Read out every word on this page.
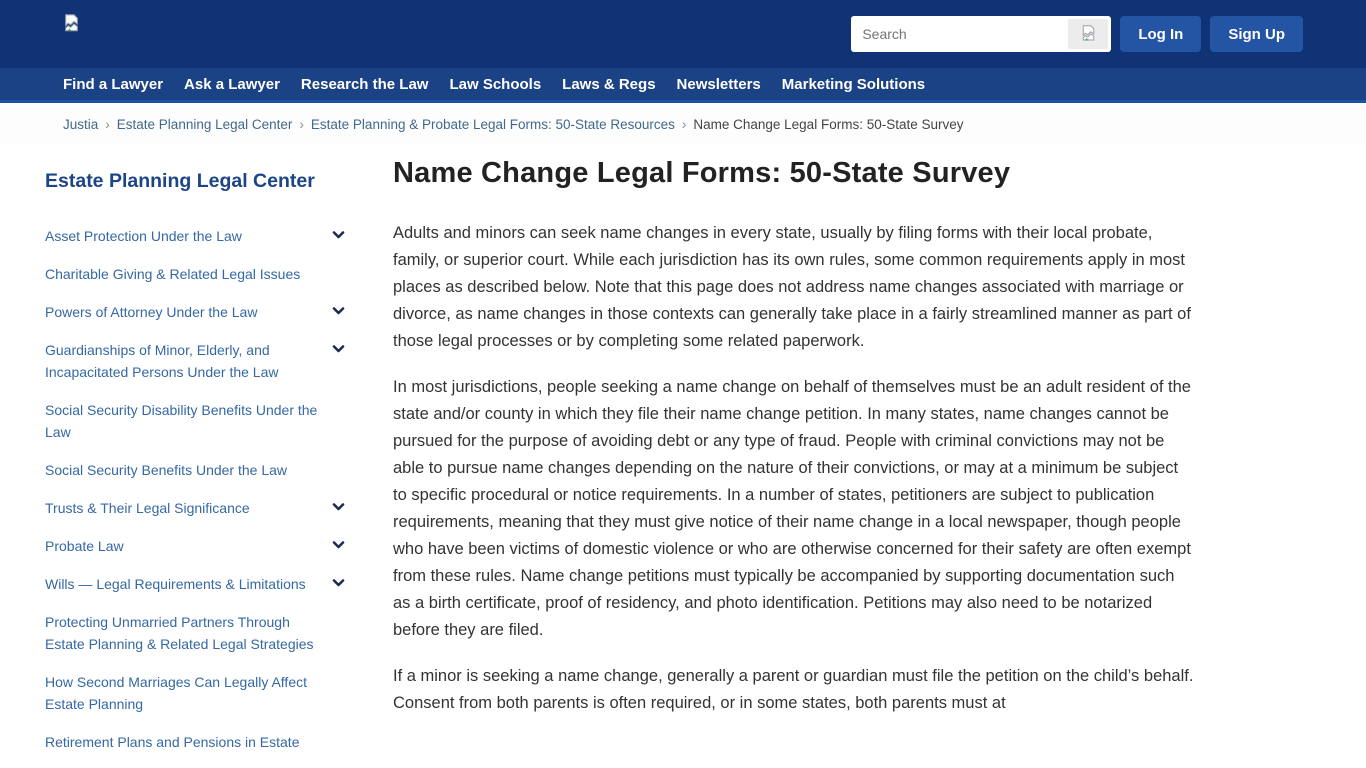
Search
Log In	Sign Up
Find a Lawyer Ask a Lawyer Research the Law Law Schools Laws & Regs Newsletters Marketing Solutions
Justia › Estate Planning Legal Center › Estate Planning & Probate Legal Forms: 50-State Resources › Name Change Legal Forms: 50-State Survey
Estate Planning Legal Center
Asset Protection Under the Law
Charitable Giving & Related Legal Issues
Powers of Attorney Under the Law
Guardianships of Minor, Elderly, and Incapacitated Persons Under the Law
Social Security Disability Benefits Under the Law
Social Security Benefits Under the Law
Trusts & Their Legal Significance
Probate Law
Wills — Legal Requirements & Limitations
Protecting Unmarried Partners Through Estate Planning & Related Legal Strategies
How Second Marriages Can Legally Affect Estate Planning
Retirement Plans and Pensions in Estate
Name Change Legal Forms: 50-State Survey

Adults and minors can seek name changes in every state, usually by filing forms with their local probate, family, or superior court. While each jurisdiction has its own rules, some common requirements apply in most places as described below. Note that this page does not address name changes associated with marriage or divorce, as name changes in those contexts can generally take place in a fairly streamlined manner as part of those legal processes or by completing some related paperwork.

In most jurisdictions, people seeking a name change on behalf of themselves must be an adult resident of the state and/or county in which they file their name change petition. In many states, name changes cannot be pursued for the purpose of avoiding debt or any type of fraud. People with criminal convictions may not be able to pursue name changes depending on the nature of their convictions, or may at a minimum be subject to specific procedural or notice requirements. In a number of states, petitioners are subject to publication requirements, meaning that they must give notice of their name change in a local newspaper, though people who have been victims of domestic violence or who are otherwise concerned for their safety are often exempt from these rules. Name change petitions must typically be accompanied by supporting documentation such as a birth certificate, proof of residency, and photo identification. Petitions may also need to be notarized before they are filed.

If a minor is seeking a name change, generally a parent or guardian must file the petition on the child’s behalf. Consent from both parents is often required, or in some states, both parents must at
